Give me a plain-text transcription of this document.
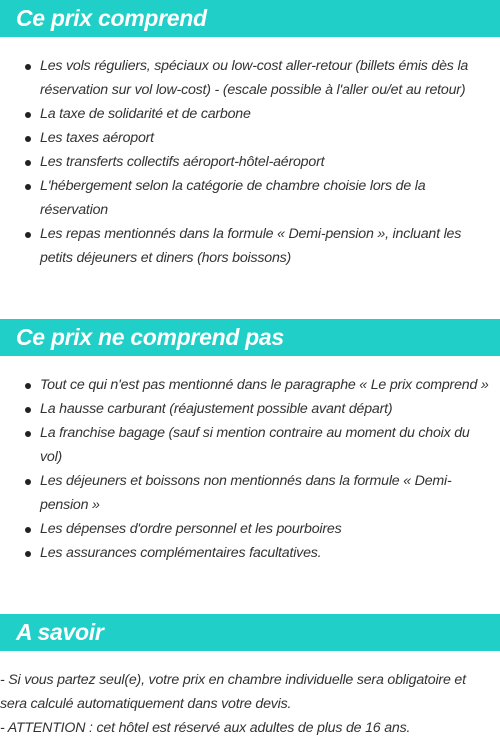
Ce prix comprend
Les vols réguliers, spéciaux ou low-cost aller-retour (billets émis dès la réservation sur vol low-cost) - (escale possible à l'aller ou/et au retour)
La taxe de solidarité et de carbone
Les taxes aéroport
Les transferts collectifs aéroport-hôtel-aéroport
L'hébergement selon la catégorie de chambre choisie lors de la réservation
Les repas mentionnés dans la formule « Demi-pension », incluant les petits déjeuners et diners (hors boissons)
Ce prix ne comprend pas
Tout ce qui n'est pas mentionné dans le paragraphe « Le prix comprend »
La hausse carburant (réajustement possible avant départ)
La franchise bagage (sauf si mention contraire au moment du choix du vol)
Les déjeuners et boissons non mentionnés dans la formule « Demi-pension »
Les dépenses d'ordre personnel et les pourboires
Les assurances complémentaires facultatives.
A savoir

- Si vous partez seul(e), votre prix en chambre individuelle sera obligatoire et sera calculé automatiquement dans votre devis.

- ATTENTION : cet hôtel est réservé aux adultes de plus de 16 ans.
